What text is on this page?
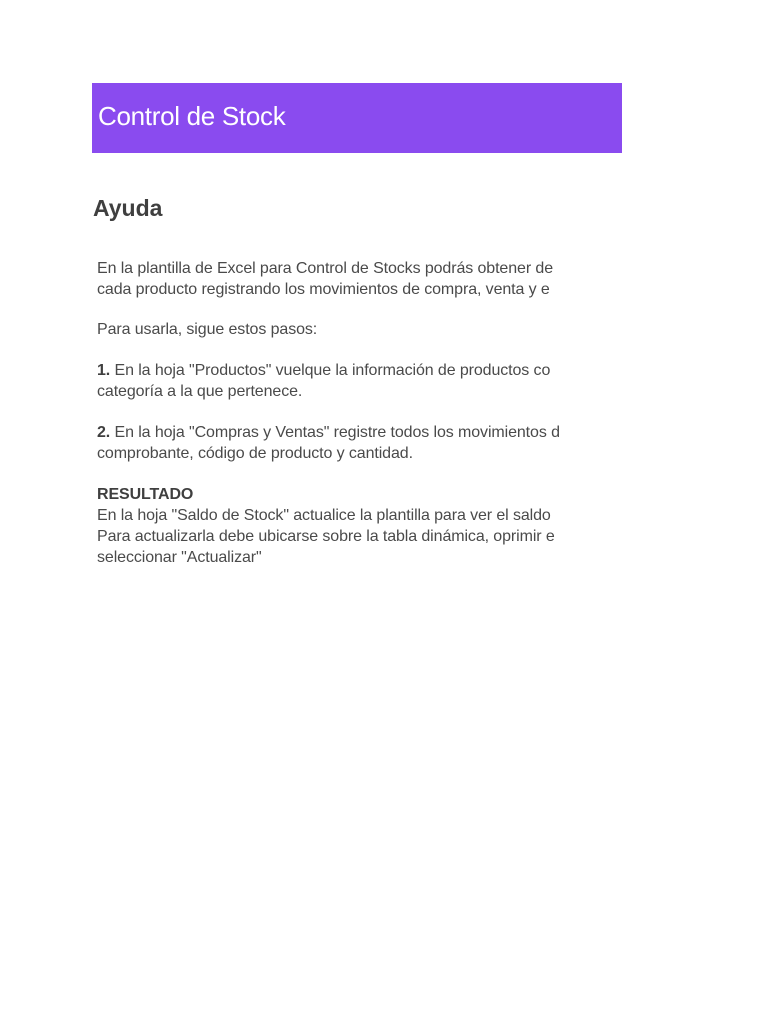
Control de Stock
Ayuda
En la plantilla de Excel para Control de Stocks podrás obtener de
cada producto registrando los movimientos de compra, venta y e
Para usarla, sigue estos pasos:
1. En la hoja "Productos" vuelque la información de productos co
categoría a la que pertenece.
2. En la hoja "Compras y Ventas" registre todos los movimientos d
comprobante, código de producto y cantidad.
RESULTADO
En la hoja "Saldo de Stock" actualice la plantilla para ver el saldo
Para actualizarla debe ubicarse sobre la tabla dinámica, oprimir e
seleccionar "Actualizar"
